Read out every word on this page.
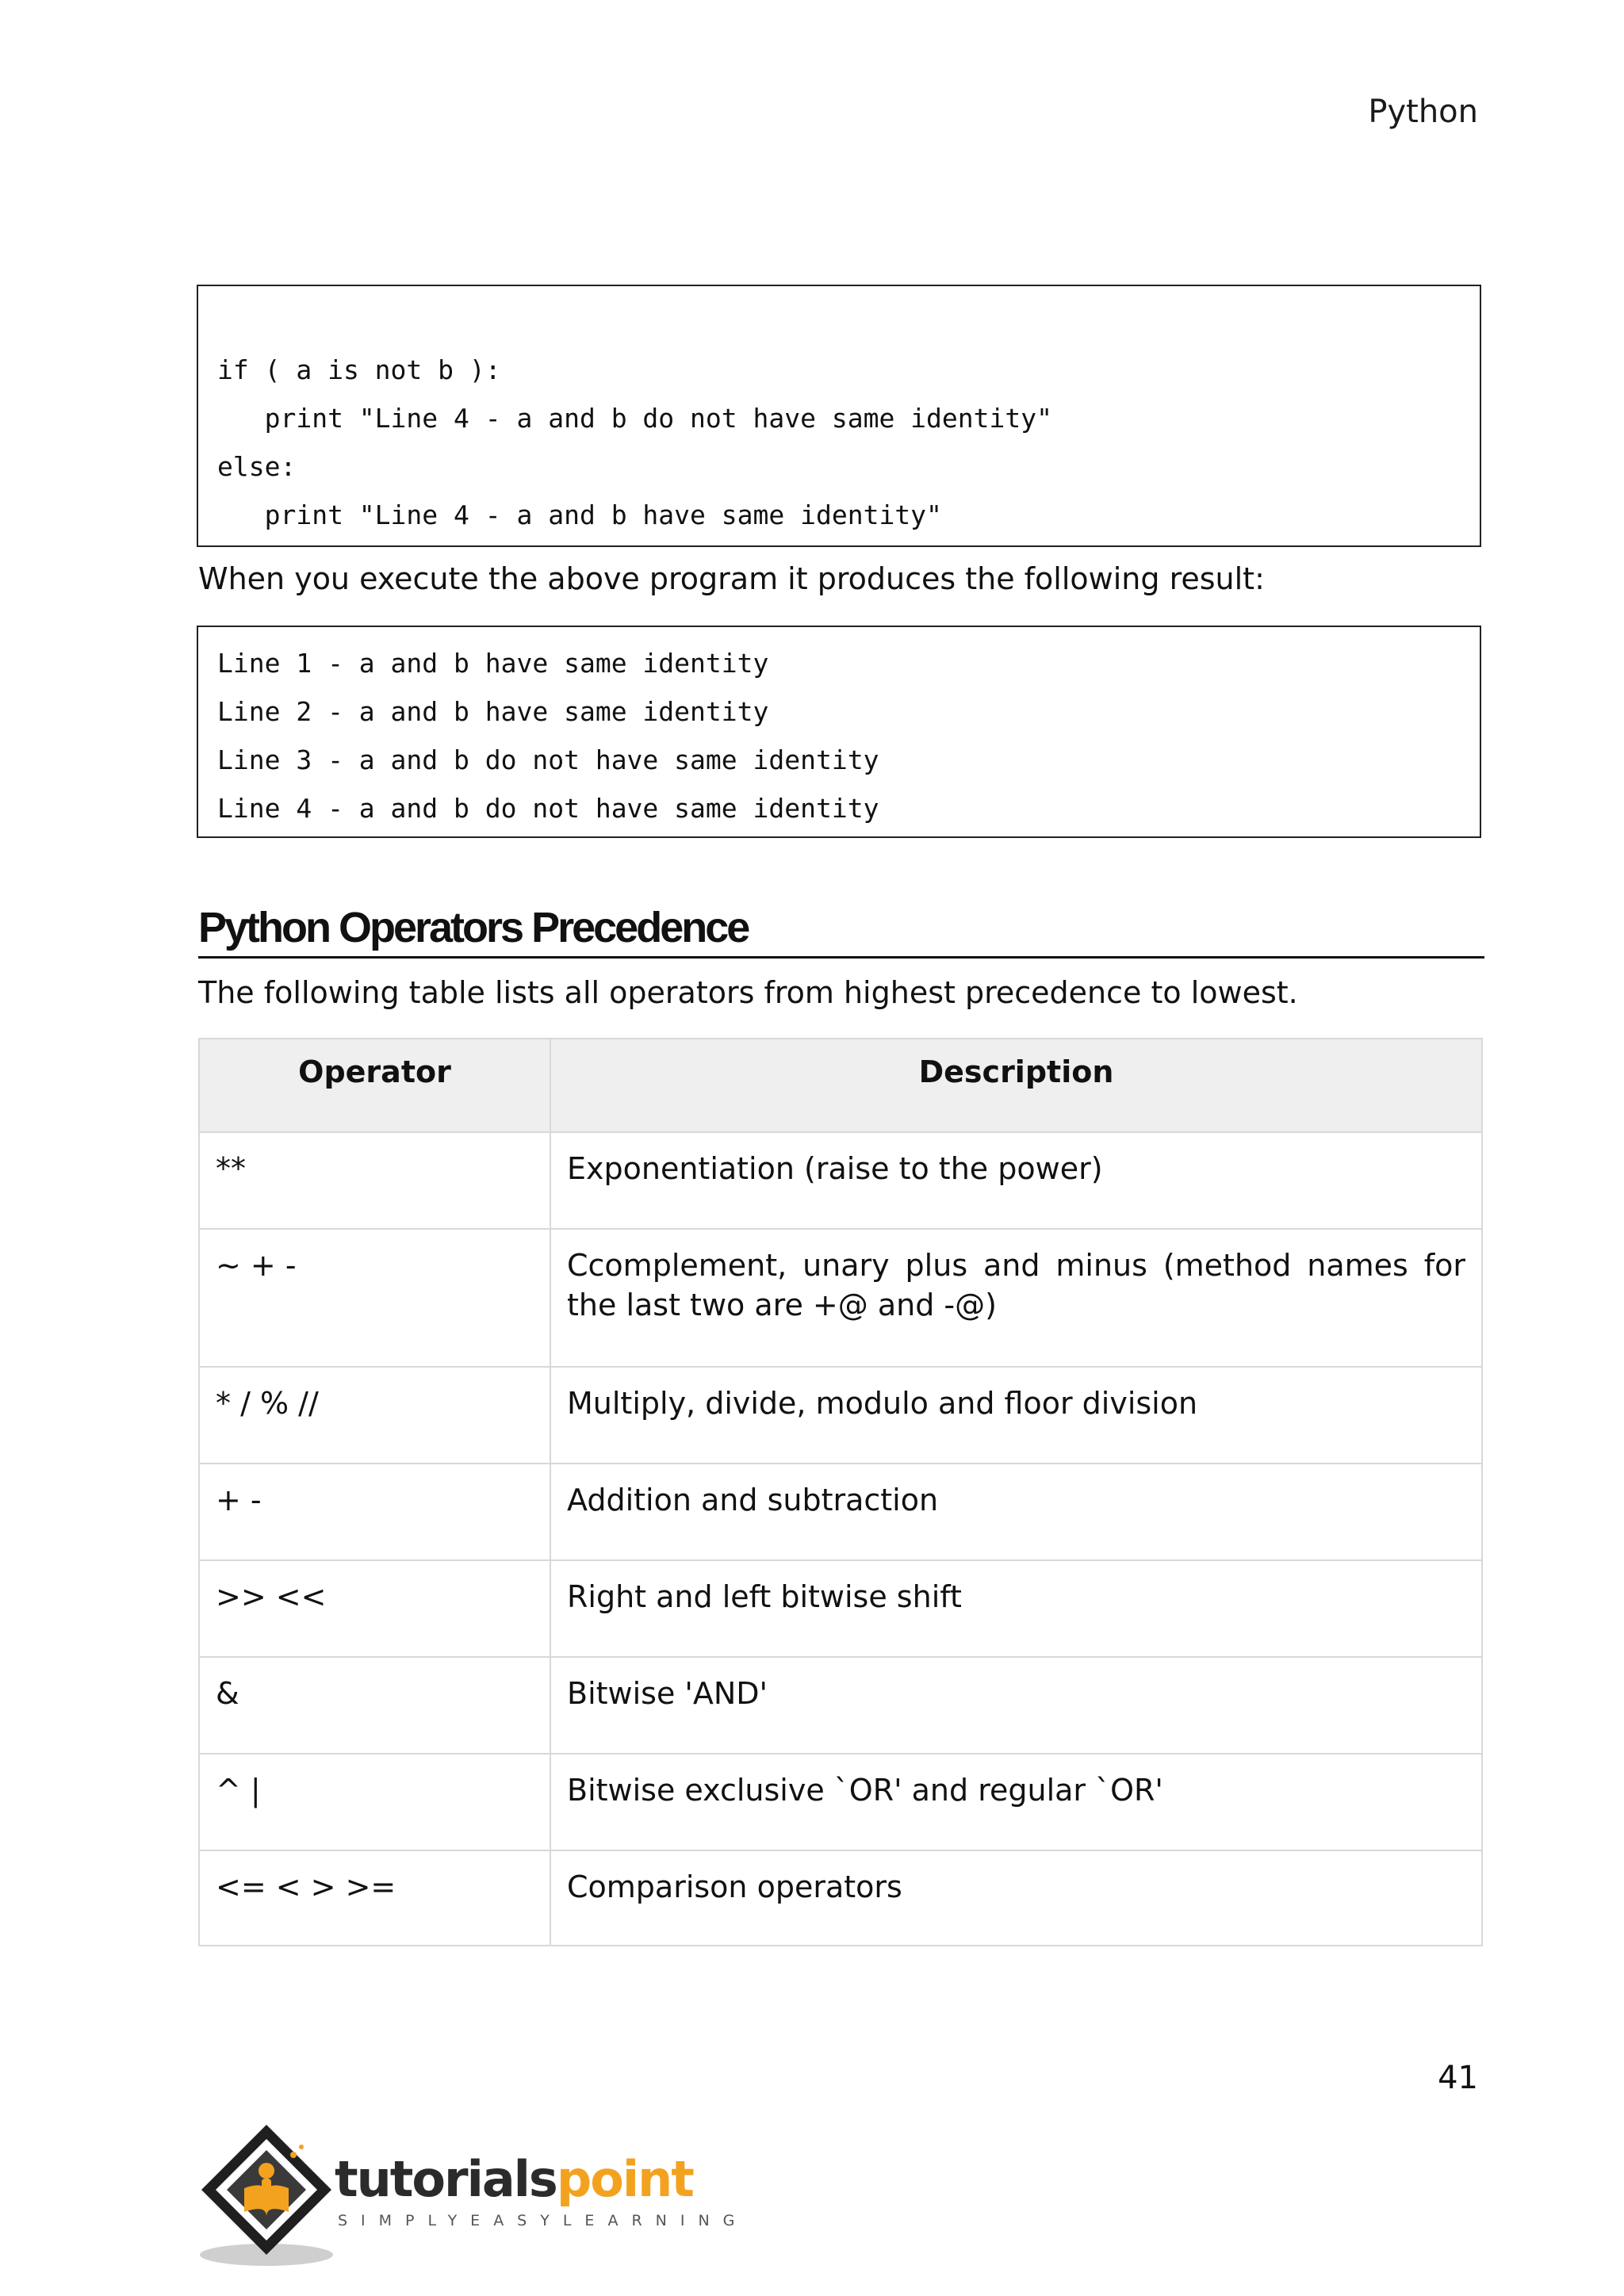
Python
if ( a is not b ):
print "Line 4 - a and b do not have same identity"
else:
print "Line 4 - a and b have same identity"
When you execute the above program it produces the following result:
Line 1 - a and b have same identity
Line 2 - a and b have same identity
Line 3 - a and b do not have same identity
Line 4 - a and b do not have same identity
Python Operators Precedence
The following table lists all operators from highest precedence to lowest.
Operator	Description
**	Exponentiation (raise to the power)
~ + -	Ccomplement, unary plus and minus (method names for the last two are +@ and -@)
* / % //	Multiply, divide, modulo and floor division
+ -	Addition and subtraction
>> <<	Right and left bitwise shift
&	Bitwise 'AND'
^ |	Bitwise exclusive `OR' and regular `OR'
<= < > >=	Comparison operators
41
tutorialspoint
SIMPLYEASYLEARNING
